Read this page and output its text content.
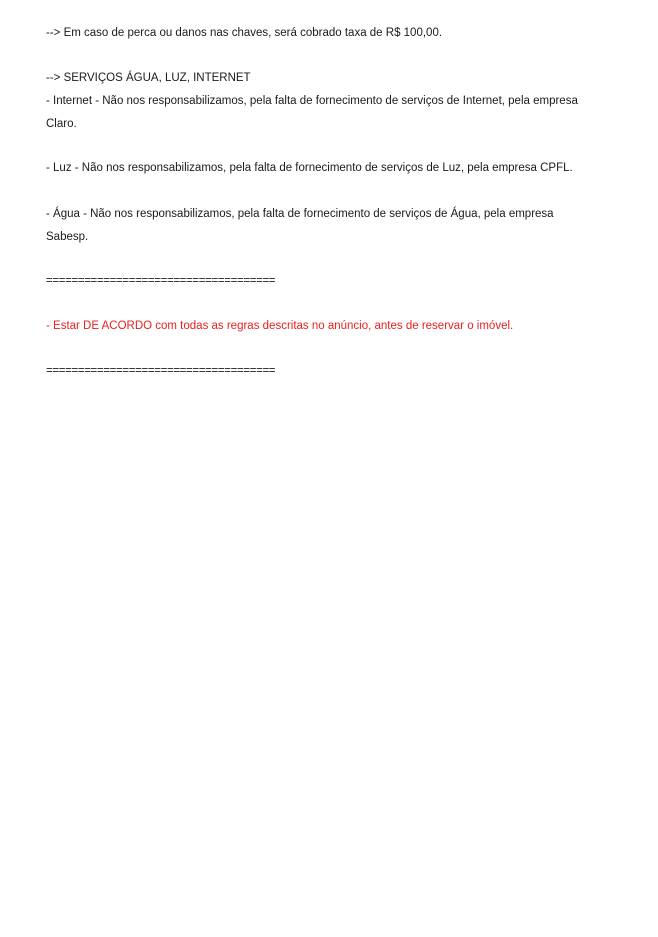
--> Em caso de perca ou danos nas chaves, será cobrado taxa de R$ 100,00.
--> SERVIÇOS ÁGUA, LUZ, INTERNET
- Internet - Não nos responsabilizamos, pela falta de fornecimento de serviços de Internet, pela empresa
Claro.
- Luz - Não nos responsabilizamos, pela falta de fornecimento de serviços de Luz, pela empresa CPFL.
- Água - Não nos responsabilizamos, pela falta de fornecimento de serviços de Água, pela empresa
Sabesp.
====================================
- Estar DE ACORDO com todas as regras descritas no anúncio, antes de reservar o imóvel.
====================================
